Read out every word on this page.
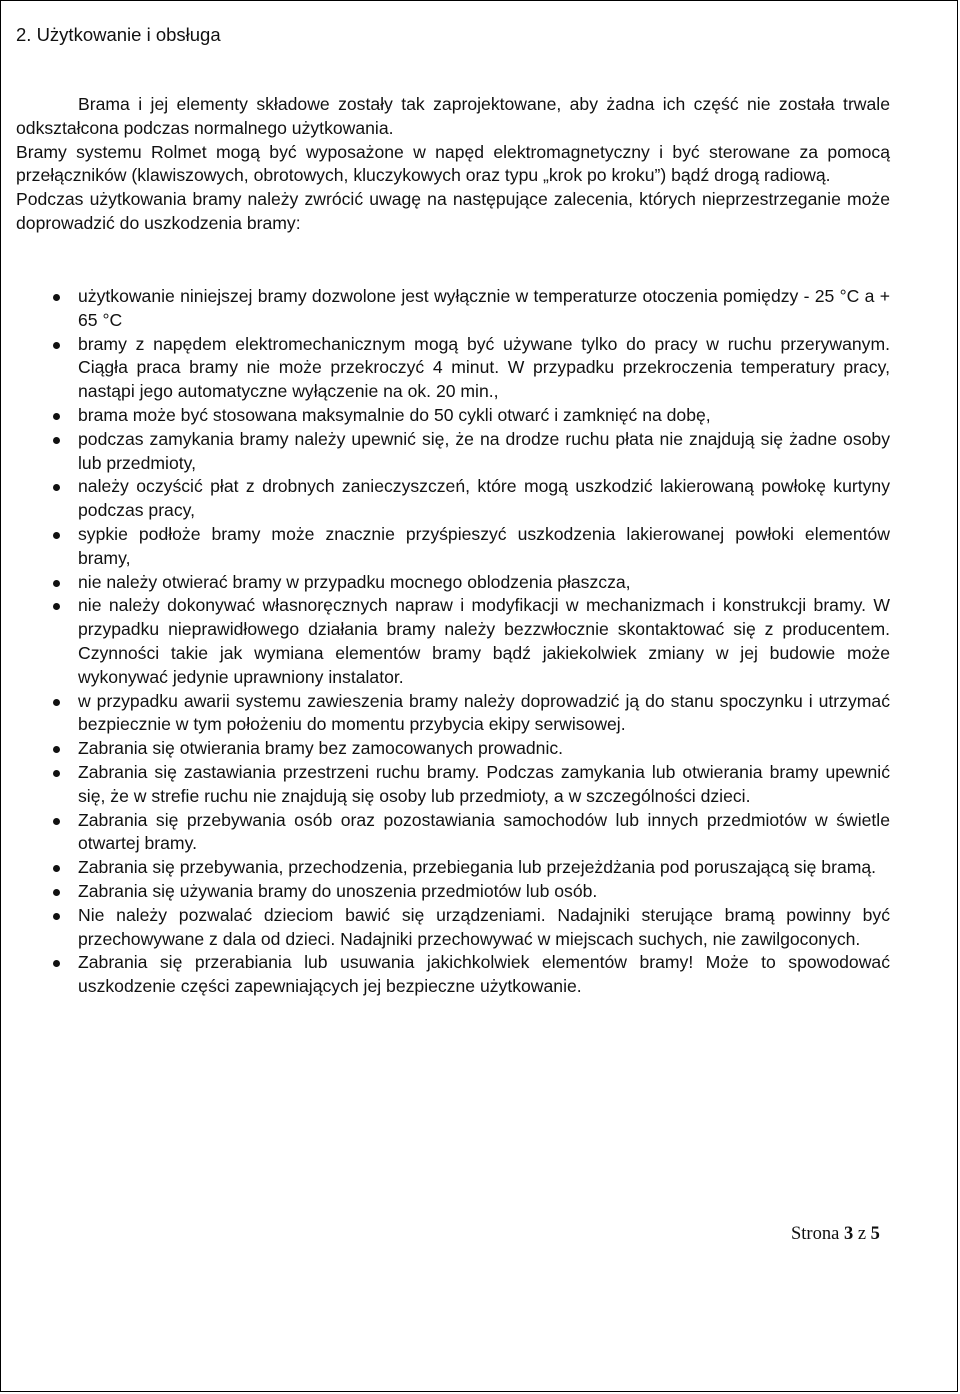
2. Użytkowanie i obsługa

Brama i jej elementy składowe zostały tak zaprojektowane, aby żadna ich część nie została trwale odkształcona podczas normalnego użytkowania.

Bramy systemu Rolmet mogą być wyposażone w napęd elektromagnetyczny i być sterowane za pomocą przełączników (klawiszowych, obrotowych, kluczykowych oraz typu „krok po kroku”) bądź drogą radiową.

Podczas użytkowania bramy należy zwrócić uwagę na następujące zalecenia, których nieprzestrzeganie może doprowadzić do uszkodzenia bramy:

użytkowanie niniejszej bramy dozwolone jest wyłącznie w temperaturze otoczenia pomiędzy - 25 °C a + 65 °C
bramy z napędem elektromechanicznym mogą być używane tylko do pracy w ruchu przerywanym. Ciągła praca bramy nie może przekroczyć 4 minut. W przypadku przekroczenia temperatury pracy, nastąpi jego automatyczne wyłączenie na ok. 20 min.,
brama może być stosowana maksymalnie do 50 cykli otwarć i zamknięć na dobę,
podczas zamykania bramy należy upewnić się, że na drodze ruchu płata nie znajdują się żadne osoby lub przedmioty,
należy oczyścić płat z drobnych zanieczyszczeń, które mogą uszkodzić lakierowaną powłokę kurtyny podczas pracy,
sypkie podłoże bramy może znacznie przyśpieszyć uszkodzenia lakierowanej powłoki elementów bramy,
nie należy otwierać bramy w przypadku mocnego oblodzenia płaszcza,
nie należy dokonywać własnoręcznych napraw i modyfikacji w mechanizmach i konstrukcji bramy. W przypadku nieprawidłowego działania bramy należy bezzwłocznie skontaktować się z producentem. Czynności takie jak wymiana elementów bramy bądź jakiekolwiek zmiany w jej budowie może wykonywać jedynie uprawniony instalator.
w przypadku awarii systemu zawieszenia bramy należy doprowadzić ją do stanu spoczynku i utrzymać bezpiecznie w tym położeniu do momentu przybycia ekipy serwisowej.
Zabrania się otwierania bramy bez zamocowanych prowadnic.
Zabrania się zastawiania przestrzeni ruchu bramy. Podczas zamykania lub otwierania bramy upewnić się, że w strefie ruchu nie znajdują się osoby lub przedmioty, a w szczególności dzieci.
Zabrania się przebywania osób oraz pozostawiania samochodów lub innych przedmiotów w świetle otwartej bramy.
Zabrania się przebywania, przechodzenia, przebiegania lub przejeżdżania pod poruszającą się bramą.
Zabrania się używania bramy do unoszenia przedmiotów lub osób.
Nie należy pozwalać dzieciom bawić się urządzeniami. Nadajniki sterujące bramą powinny być przechowywane z dala od dzieci. Nadajniki przechowywać w miejscach suchych, nie zawilgoconych.
Zabrania się przerabiania lub usuwania jakichkolwiek elementów bramy! Może to spowodować uszkodzenie części zapewniających jej bezpieczne użytkowanie.
Strona 3 z 5
